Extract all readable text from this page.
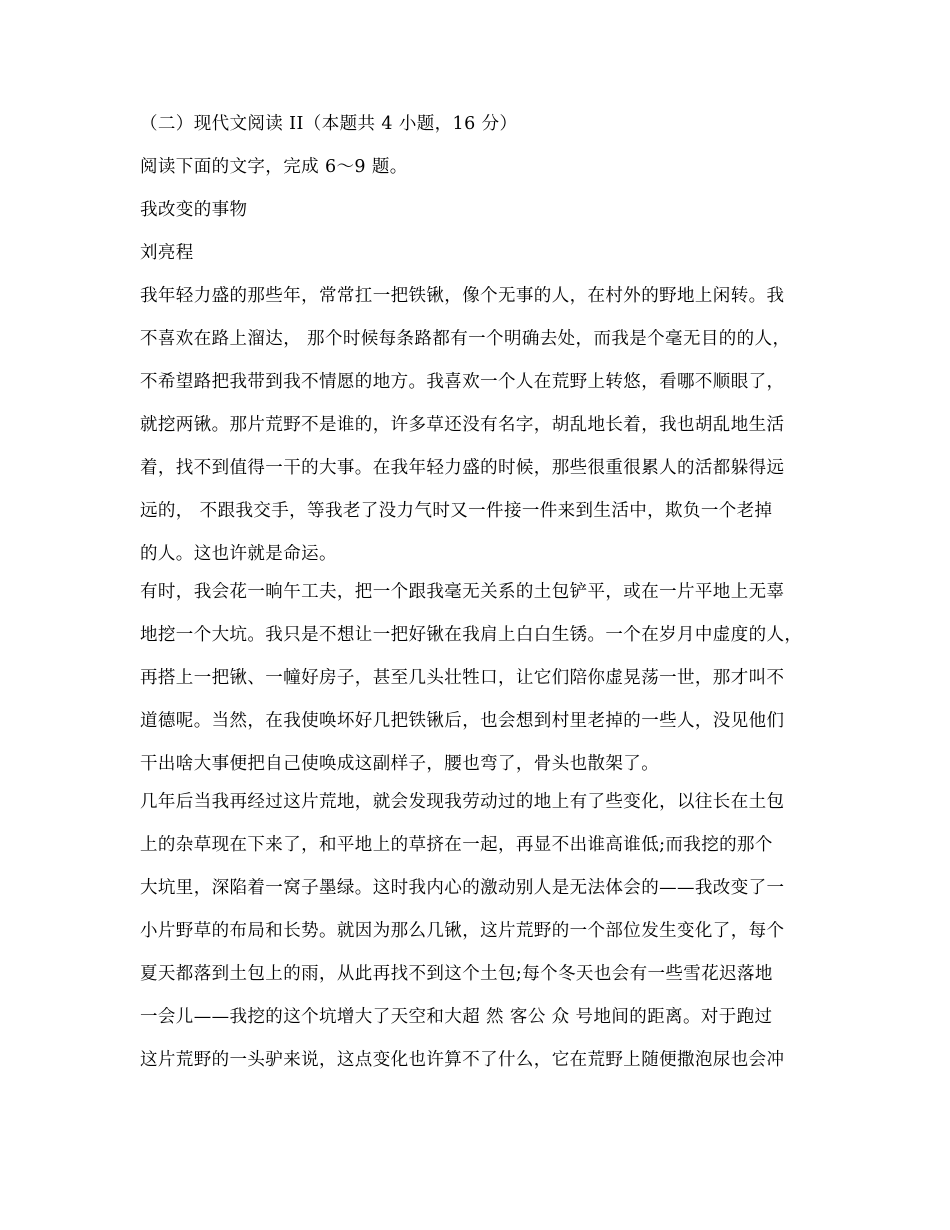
（二）现代文阅读 II（本题共 4 小题，16 分）
阅读下面的文字，完成 6～9 题。
我改变的事物
刘亮程
我年轻力盛的那些年，常常扛一把铁锹，像个无事的人，在村外的野地上闲转。我
不喜欢在路上溜达， 那个时候每条路都有一个明确去处，而我是个毫无目的的人，
不希望路把我带到我不情愿的地方。我喜欢一个人在荒野上转悠，看哪不顺眼了，
就挖两锹。那片荒野不是谁的，许多草还没有名字，胡乱地长着，我也胡乱地生活
着，找不到值得一干的大事。在我年轻力盛的时候，那些很重很累人的活都躲得远
远的， 不跟我交手，等我老了没力气时又一件接一件来到生活中，欺负一个老掉
的人。这也许就是命运。
有时，我会花一晌午工夫，把一个跟我毫无关系的土包铲平，或在一片平地上无辜
地挖一个大坑。我只是不想让一把好锹在我肩上白白生锈。一个在岁月中虚度的人，
再搭上一把锹、一幢好房子，甚至几头壮牲口，让它们陪你虚晃荡一世，那才叫不
道德呢。当然，在我使唤坏好几把铁锹后，也会想到村里老掉的一些人，没见他们
干出啥大事便把自己使唤成这副样子，腰也弯了，骨头也散架了。
几年后当我再经过这片荒地，就会发现我劳动过的地上有了些变化，以往长在土包
上的杂草现在下来了，和平地上的草挤在一起，再显不出谁高谁低;而我挖的那个
大坑里，深陷着一窝子墨绿。这时我内心的激动别人是无法体会的——我改变了一
小片野草的布局和长势。就因为那么几锹，这片荒野的一个部位发生变化了，每个
夏天都落到土包上的雨，从此再找不到这个土包;每个冬天也会有一些雪花迟落地
一会儿——我挖的这个坑增大了天空和大超 然 客公 众 号地间的距离。对于跑过
这片荒野的一头驴来说，这点变化也许算不了什么，它在荒野上随便撒泡尿也会冲
